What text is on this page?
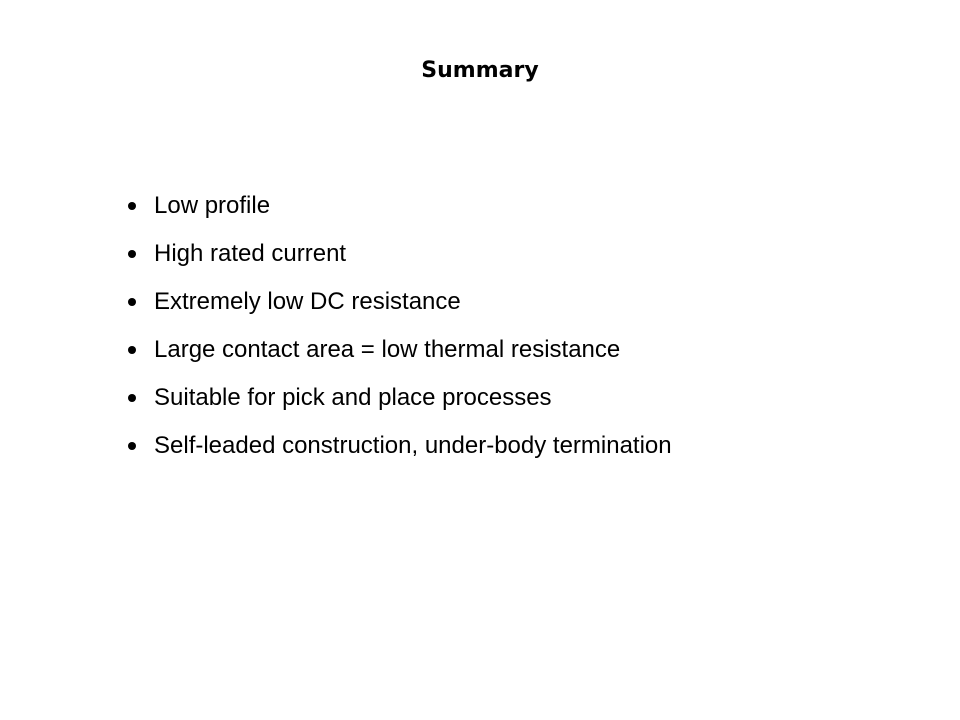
Summary
Low profile
High rated current
Extremely low DC resistance
Large contact area = low thermal resistance
Suitable for pick and place processes
Self-leaded construction, under-body termination
